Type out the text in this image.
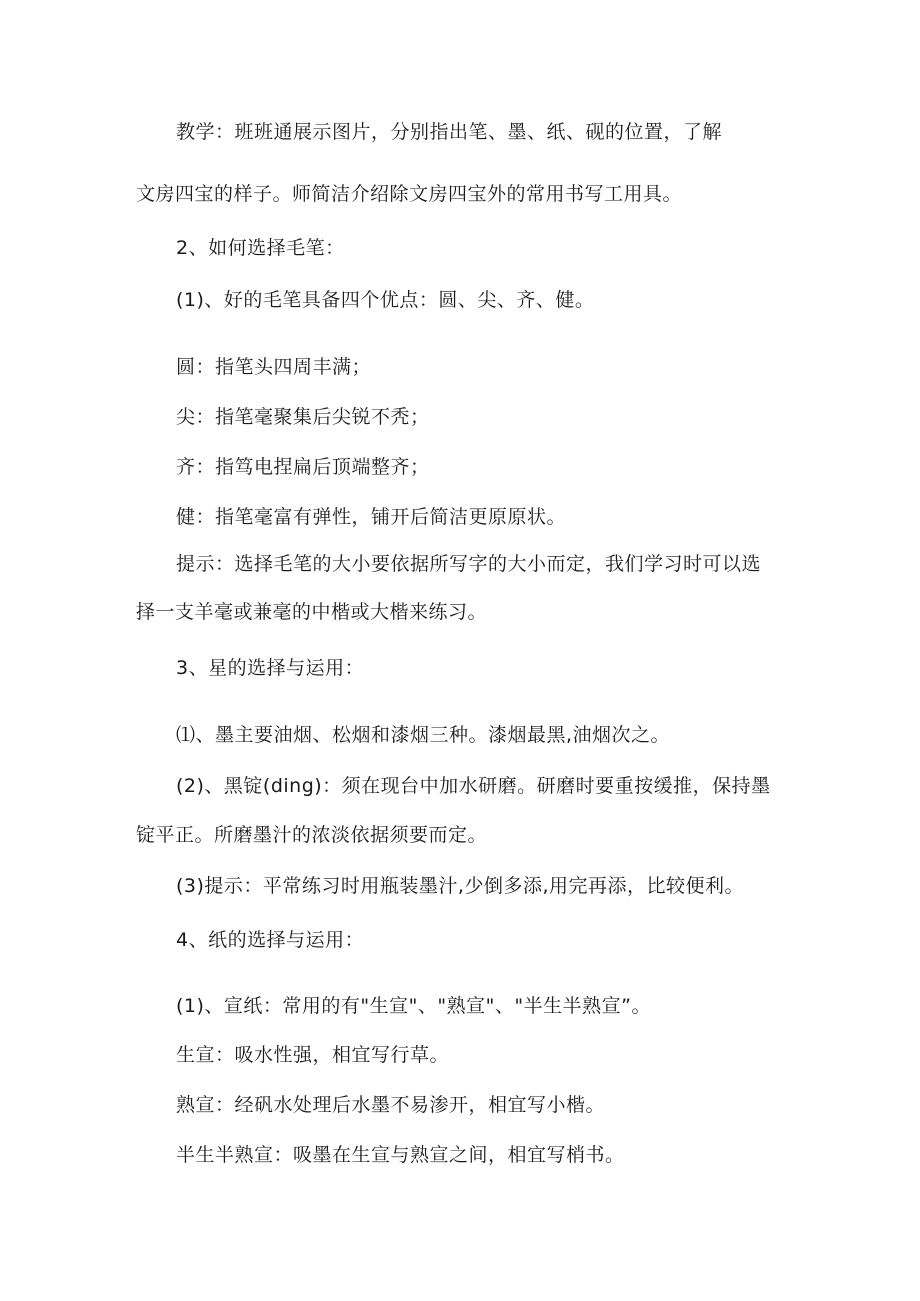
教学：班班通展示图片，分别指出笔、墨、纸、砚的位置，了解
文房四宝的样子。师简洁介绍除文房四宝外的常用书写工用具。
2、如何选择毛笔：
(1)、好的毛笔具备四个优点：圆、尖、齐、健。
圆：指笔头四周丰满；
尖：指笔毫聚集后尖锐不秃；
齐：指笃电捏扁后顶端整齐；
健：指笔毫富有弹性，铺开后简洁更原原状。
提示：选择毛笔的大小要依据所写字的大小而定，我们学习时可以选
择一支羊毫或兼毫的中楷或大楷来练习。
3、星的选择与运用：
⑴、墨主要油烟、松烟和漆烟三种。漆烟最黑,油烟次之。
(2)、黑锭(ding)：须在现台中加水研磨。研磨时要重按缓推，保持墨
锭平正。所磨墨汁的浓淡依据须要而定。
(3)提示：平常练习时用瓶装墨汁,少倒多添,用完再添，比较便利。
4、纸的选择与运用：
(1)、宣纸：常用的有"生宣"、"熟宣"、"半生半熟宣”。
生宣：吸水性强，相宜写行草。
熟宣：经矾水处理后水墨不易渗开，相宜写小楷。
半生半熟宣：吸墨在生宣与熟宣之间，相宜写梢书。
